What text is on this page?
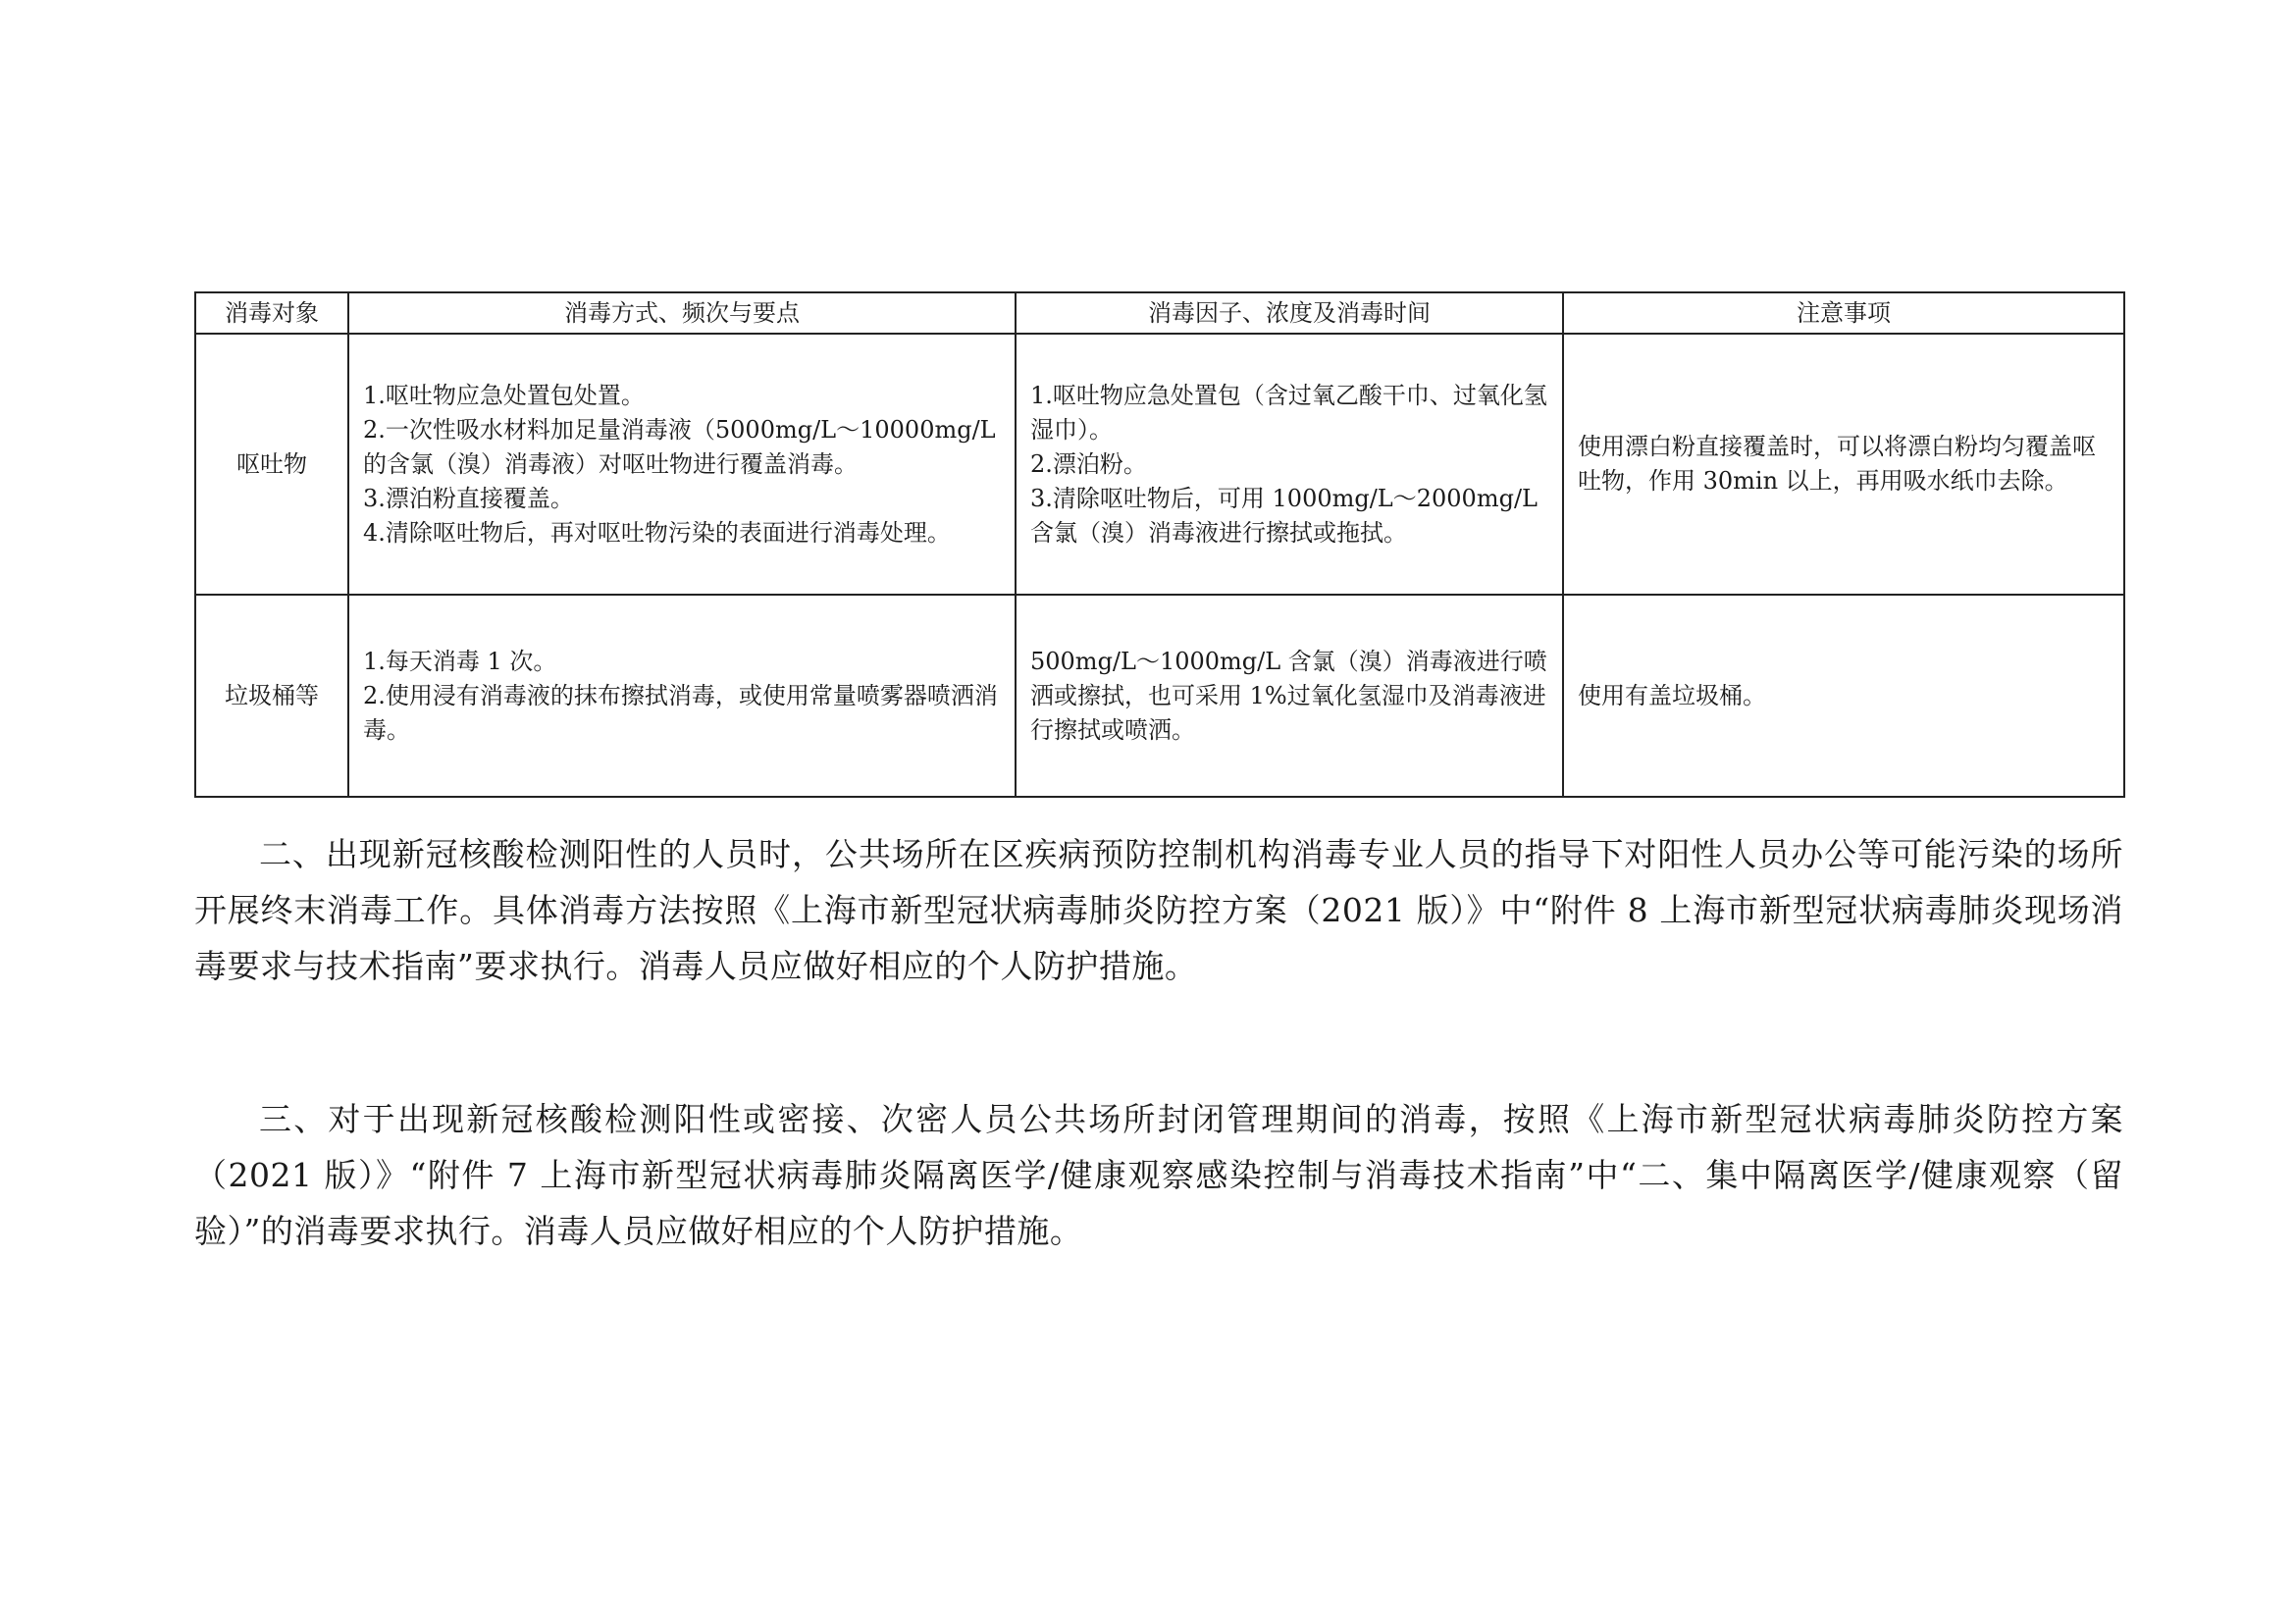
消毒对象	消毒方式、频次与要点	消毒因子、浓度及消毒时间	注意事项
呕吐物	1.呕吐物应急处置包处置。
2.一次性吸水材料加足量消毒液（5000mg/L～10000mg/L 的含氯（溴）消毒液）对呕吐物进行覆盖消毒。
3.漂泊粉直接覆盖。
4.清除呕吐物后，再对呕吐物污染的表面进行消毒处理。	1.呕吐物应急处置包（含过氧乙酸干巾、过氧化氢湿巾）。
2.漂泊粉。
3.清除呕吐物后，可用 1000mg/L～2000mg/L 含氯（溴）消毒液进行擦拭或拖拭。	使用漂白粉直接覆盖时，可以将漂白粉均匀覆盖呕吐物，作用 30min 以上，再用吸水纸巾去除。
垃圾桶等	1.每天消毒 1 次。
2.使用浸有消毒液的抹布擦拭消毒，或使用常量喷雾器喷洒消毒。	500mg/L～1000mg/L 含氯（溴）消毒液进行喷洒或擦拭，也可采用 1%过氧化氢湿巾及消毒液进行擦拭或喷洒。	使用有盖垃圾桶。

二、出现新冠核酸检测阳性的人员时，公共场所在区疾病预防控制机构消毒专业人员的指导下对阳性人员办公等可能污染的场所开展终末消毒工作。具体消毒方法按照《上海市新型冠状病毒肺炎防控方案（2021 版）》中“附件 8 上海市新型冠状病毒肺炎现场消毒要求与技术指南”要求执行。消毒人员应做好相应的个人防护措施。

三、对于出现新冠核酸检测阳性或密接、次密人员公共场所封闭管理期间的消毒，按照《上海市新型冠状病毒肺炎防控方案（2021 版）》“附件 7 上海市新型冠状病毒肺炎隔离医学/健康观察感染控制与消毒技术指南”中“二、集中隔离医学/健康观察（留验）”的消毒要求执行。消毒人员应做好相应的个人防护措施。
